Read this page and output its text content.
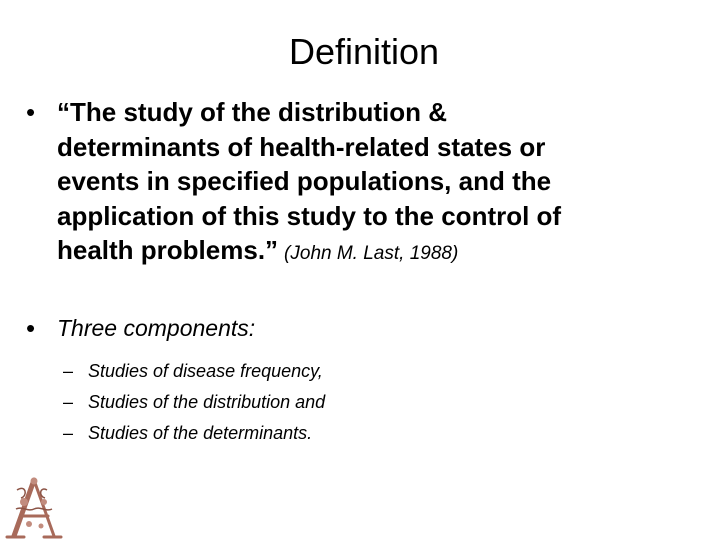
Definition
• “The study of the distribution &
determinants of health-related states or
events in specified populations, and the
application of this study to the control of
health problems.” (John M. Last, 1988)
• Three components:
– Studies of disease frequency,
– Studies of the distribution and
– Studies of the determinants.
